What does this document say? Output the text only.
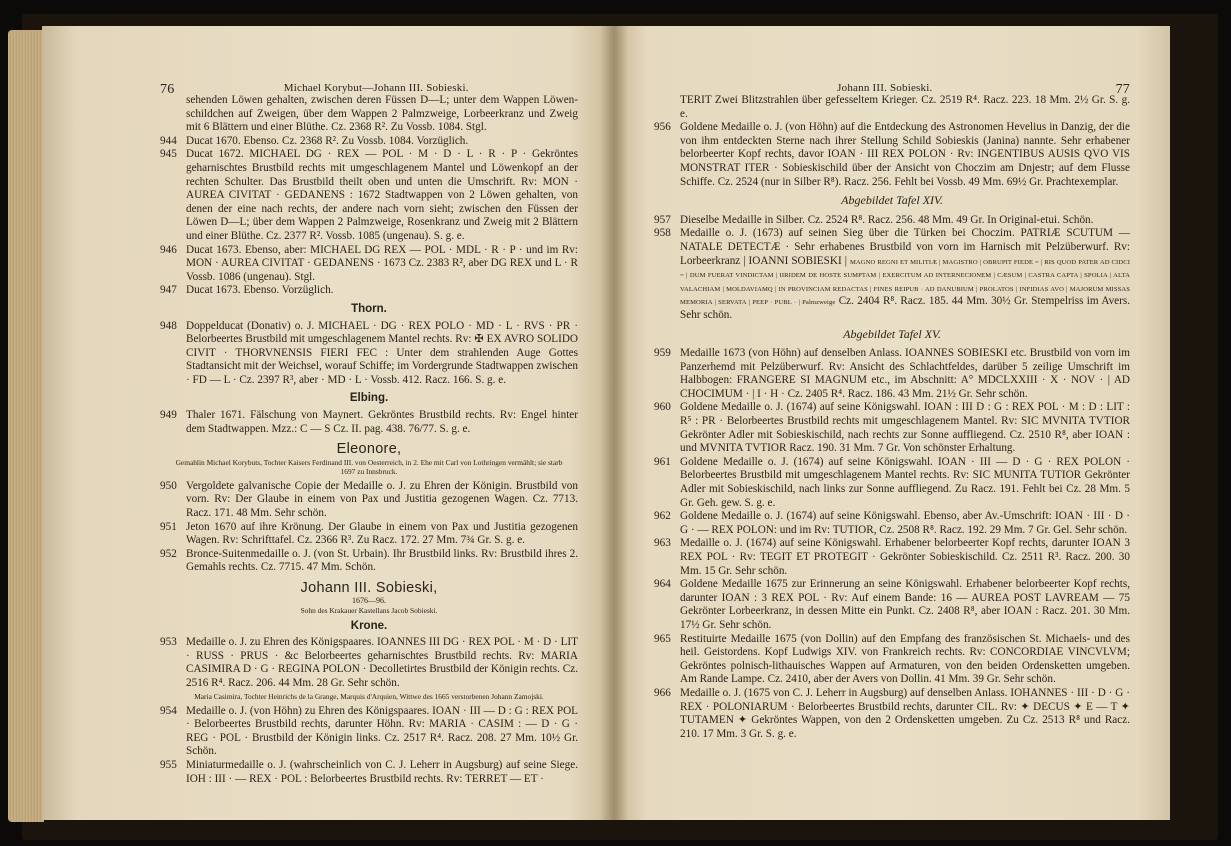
76	Michael Korybut—Johann III. Sobieski.

sehenden Löwen gehalten, zwischen deren Füssen D—L; unter dem Wappen Löwen-schildchen auf Zweigen, über dem Wappen 2 Palmzweige, Lorbeerkranz und Zweig mit 6 Blättern und einer Blüthe. Cz. 2368 R². Zu Vossb. 1084. Stgl.

944 Ducat 1670. Ebenso. Cz. 2368 R². Zu Vossb. 1084. Vorzüglich.
945 Ducat 1672. MICHAEL DG · REX — POL · M · D · L · R · P · Gekröntes geharnischtes Brustbild rechts mit umgeschlagenem Mantel und Löwenkopf an der rechten Schulter. Das Brustbild theilt oben und unten die Umschrift. Rv: MON · AUREA CIVITAT · GEDANENS : 1672 Stadtwappen von 2 Löwen gehalten, von denen der eine nach rechts, der andere nach vorn sieht; zwischen den Füssen der Löwen D—L; über dem Wappen 2 Palmzweige, Rosenkranz und Zweig mit 2 Blättern und einer Blüthe. Cz. 2377 R². Vossb. 1085 (ungenau). S. g. e.
946 Ducat 1673. Ebenso, aber: MICHAEL DG REX — POL · MDL · R · P · und im Rv: MON · AUREA CIVITAT · GEDANENS · 1673 Cz. 2383 R², aber DG REX und L · R Vossb. 1086 (ungenau). Stgl.
947 Ducat 1673. Ebenso. Vorzüglich.
Thorn.
948 Doppelducat (Donativ) o. J. MICHAEL · DG · REX POLO · MD · L · RVS · PR · Belorbeertes Brustbild mit umgeschlagenem Mantel rechts. Rv: ✠ EX AVRO SOLIDO CIVIT · THORVNENSIS FIERI FEC : Unter dem strahlenden Auge Gottes Stadtansicht mit der Weichsel, worauf Schiffe; im Vordergrunde Stadtwappen zwischen · FD — L · Cz. 2397 R³, aber · MD · L · Vossb. 412. Racz. 166. S. g. e.
Elbing.
949 Thaler 1671. Fälschung von Maynert. Gekröntes Brustbild rechts. Rv: Engel hinter dem Stadtwappen. Mzz.: C — S Cz. II. pag. 438. 76/77. S. g. e.
Eleonore,
Gemahlin Michael Korybuts, Tochter Kaisers Ferdinand III. von Oesterreich, in 2. Ehe mit Carl von Lothringen vermählt; sie starb 1697 zu Innsbruck.
950 Vergoldete galvanische Copie der Medaille o. J. zu Ehren der Königin. Brustbild von vorn. Rv: Der Glaube in einem von Pax und Justitia gezogenen Wagen. Cz. 7713. Racz. 171. 48 Mm. Sehr schön.
951 Jeton 1670 auf ihre Krönung. Der Glaube in einem von Pax und Justitia gezogenen Wagen. Rv: Schrifttafel. Cz. 2366 R³. Zu Racz. 172. 27 Mm. 7¾ Gr. S. g. e.
952 Bronce-Suitenmedaille o. J. (von St. Urbain). Ihr Brustbild links. Rv: Brustbild ihres 2. Gemahls rechts. Cz. 7715. 47 Mm. Schön.
Johann III. Sobieski,
1676—96.
Sohn des Krakauer Kastellans Jacob Sobieski.
Krone.
953 Medaille o. J. zu Ehren des Königspaares. IOANNES III DG · REX POL · M · D · LIT · RUSS · PRUS · &c Belorbeertes geharnischtes Brustbild rechts. Rv: MARIA CASIMIRA D · G · REGINA POLON · Decolletirtes Brustbild der Königin rechts. Cz. 2516 R⁴. Racz. 206. 44 Mm. 28 Gr. Sehr schön.
Maria Casimira, Tochter Heinrichs de la Grange, Marquis d'Arquien, Wittwe des 1665 verstorbenen Johann Zamojski.
954 Medaille o. J. (von Höhn) zu Ehren des Königspaares. IOAN · III — D : G : REX POL · Belorbeertes Brustbild rechts, darunter Höhn. Rv: MARIA · CASIM : — D · G · REG · POL · Brustbild der Königin links. Cz. 2517 R⁴. Racz. 208. 27 Mm. 10½ Gr. Schön.
955 Miniaturmedaille o. J. (wahrscheinlich von C. J. Leherr in Augsburg) auf seine Siege. IOH : III · — REX · POL : Belorbeertes Brustbild rechts. Rv: TERRET — ET ·
Johann III. Sobieski.	77

TERIT Zwei Blitzstrahlen über gefesseltem Krieger. Cz. 2519 R⁴. Racz. 223. 18 Mm. 2½ Gr. S. g. e.

956 Goldene Medaille o. J. (von Höhn) auf die Entdeckung des Astronomen Hevelius in Danzig, der die von ihm entdeckten Sterne nach ihrer Stellung Schild Sobieskis (Janina) nannte. Sehr erhabener belorbeerter Kopf rechts, davor IOAN · III REX POLON · Rv: INGENTIBUS AUSIS QVO VIS MONSTRAT ITER · Sobieskischild über der Ansicht von Choczim am Dnjestr; auf dem Flusse Schiffe. Cz. 2524 (nur in Silber R⁸). Racz. 256. Fehlt bei Vossb. 49 Mm. 69½ Gr. Prachtexemplar.
Abgebildet Tafel XIV.
957 Dieselbe Medaille in Silber. Cz. 2524 R⁸. Racz. 256. 48 Mm. 49 Gr. In Original-etui. Schön.
958 Medaille o. J. (1673) auf seinen Sieg über die Türken bei Choczim. PATRIÆ SCUTUM — NATALE DETECTÆ · Sehr erhabenes Brustbild von vorn im Harnisch mit Pelzüberwurf. Rv: Lorbeerkranz | IOANNI SOBIESKI | MAGNO REGNI ET MILITIÆ | MAGISTRO | OBRUPIT FIEDE = | RIS QUOD PATER AD CIDCI = | DUM FUERAT VINDICTAM | IIRIDEM DE HOSTE SUMPTAM | EXERCITUM AD INTERNECIONEM | CÆSUM | CASTRA CAPTA | SPOLIA | ALTA VALACHIAM | MOLDAVIAMQ | IN PROVINCIAM REDACTAS | FINES REIPUB · AD DANUBIUM | PROLATOS | INFIDIAS AVO | MAJORUM MISSAS MEMORIA | SERVATA | PEEP · PUBL · | Palmzweige Cz. 2404 R⁸. Racz. 185. 44 Mm. 30½ Gr. Stempelriss im Avers. Sehr schön.
Abgebildet Tafel XV.
959 Medaille 1673 (von Höhn) auf denselben Anlass. IOANNES SOBIESKI etc. Brustbild von vorn im Panzerhemd mit Pelzüberwurf. Rv: Ansicht des Schlachtfeldes, darüber 5 zeilige Umschrift im Halbbogen: FRANGERE SI MAGNUM etc., im Abschnitt: A° MDCLXXIII · X · NOV · | AD CHOCIMUM · | I · H · Cz. 2405 R⁴. Racz. 186. 43 Mm. 21½ Gr. Sehr schön.
960 Goldene Medaille o. J. (1674) auf seine Königswahl. IOAN : III D : G : REX POL · M : D : LIT : R⁵ : PR · Belorbeertes Brustbild rechts mit umgeschlagenem Mantel. Rv: SIC MVNITA TVTIOR Gekrönter Adler mit Sobieskischild, nach rechts zur Sonne auffliegend. Cz. 2510 R⁸, aber IOAN : und MVNITA TVTIOR Racz. 190. 31 Mm. 7 Gr. Von schönster Erhaltung.
961 Goldene Medaille o. J. (1674) auf seine Königswahl. IOAN · III — D · G · REX POLON · Belorbeertes Brustbild mit umgeschlagenem Mantel rechts. Rv: SIC MUNITA TUTIOR Gekrönter Adler mit Sobieskischild, nach links zur Sonne auffliegend. Zu Racz. 191. Fehlt bei Cz. 28 Mm. 5 Gr. Geh. gew. S. g. e.
962 Goldene Medaille o. J. (1674) auf seine Königswahl. Ebenso, aber Av.-Umschrift: IOAN · III · D · G · — REX POLON: und im Rv: TUTIOR, Cz. 2508 R⁸. Racz. 192. 29 Mm. 7 Gr. Gel. Sehr schön.
963 Medaille o. J. (1674) auf seine Königswahl. Erhabener belorbeerter Kopf rechts, darunter IOAN 3 REX POL · Rv: TEGIT ET PROTEGIT · Gekrönter Sobieskischild. Cz. 2511 R³. Racz. 200. 30 Mm. 15 Gr. Sehr schön.
964 Goldene Medaille 1675 zur Erinnerung an seine Königswahl. Erhabener belorbeerter Kopf rechts, darunter IOAN : 3 REX POL · Rv: Auf einem Bande: 16 — AUREA POST LAVREAM — 75 Gekrönter Lorbeerkranz, in dessen Mitte ein Punkt. Cz. 2408 R⁸, aber IOAN : Racz. 201. 30 Mm. 17½ Gr. Sehr schön.
965 Restituirte Medaille 1675 (von Dollin) auf den Empfang des französischen St. Michaels- und des heil. Geistordens. Kopf Ludwigs XIV. von Frankreich rechts. Rv: CONCORDIAE VINCVLVM; Gekröntes polnisch-lithauisches Wappen auf Armaturen, von den beiden Ordensketten umgeben. Am Rande Lampe. Cz. 2410, aber der Avers von Dollin. 41 Mm. 39 Gr. Sehr schön.
966 Medaille o. J. (1675 von C. J. Leherr in Augsburg) auf denselben Anlass. IOHANNES · III · D · G · REX · POLONIARUM · Belorbeertes Brustbild rechts, darunter CIL. Rv: ✦ DECUS ✦ E — T ✦ TUTAMEN ✦ Gekröntes Wappen, von den 2 Ordensketten umgeben. Zu Cz. 2513 R⁸ und Racz. 210. 17 Mm. 3 Gr. S. g. e.
